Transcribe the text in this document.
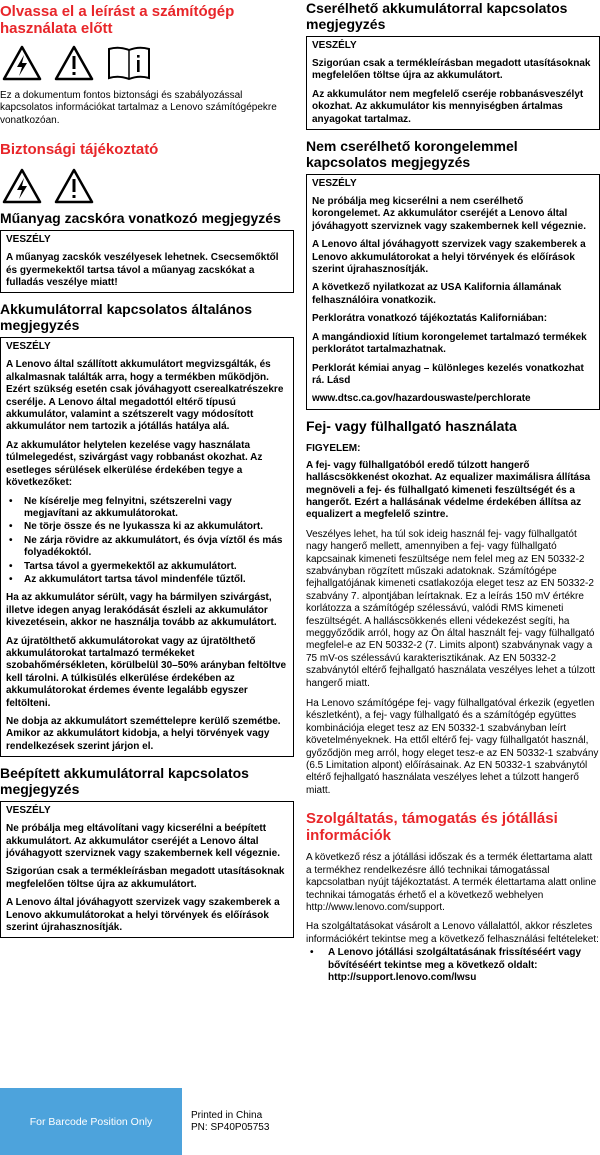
Olvassa el a leírást a számítógép használata előtt

Ez a dokumentum fontos biztonsági és szabályozással kapcsolatos információkat tartalmaz a Lenovo számítógépekre vonatkozóan.

Biztonsági tájékoztató
Műanyag zacskóra vonatkozó megjegyzés
VESZÉLY

A műanyag zacskók veszélyesek lehetnek. Csecsemőktől és gyermekektől tartsa távol a műanyag zacskókat a fulladás veszélye miatt!

Akkumulátorral kapcsolatos általános megjegyzés
VESZÉLY

A Lenovo által szállított akkumulátort megvizsgálták, és alkalmasnak találták arra, hogy a termékben működjön. Ezért szükség esetén csak jóváhagyott cserealkatrészekre cserélje. A Lenovo által megadottól eltérő típusú akkumulátor, valamint a szétszerelt vagy módosított akkumulátor nem tartozik a jótállás hatálya alá.

Az akkumulátor helytelen kezelése vagy használata túlmelegedést, szivárgást vagy robbanást okozhat. Az esetleges sérülések elkerülése érdekében tegye a következőket:

• Ne kísérelje meg felnyitni, szétszerelni vagy megjavítani az akkumulátorokat.
• Ne törje össze és ne lyukassza ki az akkumulátort.
• Ne zárja rövidre az akkumulátort, és óvja víztől és más folyadékoktól.
• Tartsa távol a gyermekektől az akkumulátort.
• Az akkumulátort tartsa távol mindenféle tűztől.

Ha az akkumulátor sérült, vagy ha bármilyen szivárgást, illetve idegen anyag lerakódását észleli az akkumulátor kivezetésein, akkor ne használja tovább az akkumulátort.

Az újratölthető akkumulátorokat vagy az újratölthető akkumulátorokat tartalmazó termékeket szobahőmérsékleten, körülbelül 30–50% arányban feltöltve kell tárolni. A túlkisülés elkerülése érdekében az akkumulátorokat érdemes évente legalább egyszer feltölteni.

Ne dobja az akkumulátort szeméttelepre kerülő szemétbe. Amikor az akkumulátort kidobja, a helyi törvények vagy rendelkezések szerint járjon el.

Beépített akkumulátorral kapcsolatos megjegyzés
VESZÉLY

Ne próbálja meg eltávolítani vagy kicserélni a beépített akkumulátort. Az akkumulátor cseréjét a Lenovo által jóváhagyott szerviznek vagy szakembernek kell végeznie.

Szigorúan csak a termékleírásban megadott utasításoknak megfelelően töltse újra az akkumulátort.

A Lenovo által jóváhagyott szervizek vagy szakemberek a Lenovo akkumulátorokat a helyi törvények és előírások szerint újrahasznosítják.

For Barcode Position Only	Printed in China
PN: SP40P05753
Cserélhető akkumulátorral kapcsolatos megjegyzés
VESZÉLY

Szigorúan csak a termékleírásban megadott utasításoknak megfelelően töltse újra az akkumulátort.

Az akkumulátor nem megfelelő cseréje robbanásveszélyt okozhat. Az akkumulátor kis mennyiségben ártalmas anyagokat tartalmaz.

Nem cserélhető korongelemmel kapcsolatos megjegyzés
VESZÉLY

Ne próbálja meg kicserélni a nem cserélhető korongelemet. Az akkumulátor cseréjét a Lenovo által jóváhagyott szerviznek vagy szakembernek kell végeznie.

A Lenovo által jóváhagyott szervizek vagy szakemberek a Lenovo akkumulátorokat a helyi törvények és előírások szerint újrahasznosítják.

A következő nyilatkozat az USA Kalifornia államának felhasználóira vonatkozik.

Perklorátra vonatkozó tájékoztatás Kaliforniában:

A mangándioxid lítium korongelemet tartalmazó termékek perklorátot tartalmazhatnak.

Perklorát kémiai anyag – különleges kezelés vonatkozhat rá. Lásd

www.dtsc.ca.gov/hazardouswaste/perchlorate

Fej- vagy fülhallgató használata
FIGYELEM:

A fej- vagy fülhallgatóból eredő túlzott hangerő halláscsökkenést okozhat. Az equalizer maximálisra állítása megnöveli a fej- és fülhallgató kimeneti feszültségét és a hangerőt. Ezért a hallásának védelme érdekében állítsa az equalizert a megfelelő szintre.

Veszélyes lehet, ha túl sok ideig használ fej- vagy fülhallgatót nagy hangerő mellett, amennyiben a fej- vagy fülhallgató kapcsainak kimeneti feszültsége nem felel meg az EN 50332-2 szabványban rögzített műszaki adatoknak. Számítógépe fejhallgatójának kimeneti csatlakozója eleget tesz az EN 50332-2 szabvány 7. alpontjában leírtaknak. Ez a leírás 150 mV értékre korlátozza a számítógép szélessávú, valódi RMS kimeneti feszültségét. A halláscsökkenés elleni védekezést segíti, ha meggyőződik arról, hogy az Ön által használt fej- vagy fülhallgató megfelel-e az EN 50332-2 (7. Limits alpont) szabványnak vagy a 75 mV-os szélessávú karakterisztikának. Az EN 50332-2 szabványtól eltérő fejhallgató használata veszélyes lehet a túlzott hangerő miatt.

Ha Lenovo számítógépe fej- vagy fülhallgatóval érkezik (egyetlen készletként), a fej- vagy fülhallgató és a számítógép együttes kombinációja eleget tesz az EN 50332-1 szabványban leírt követelményeknek. Ha ettől eltérő fej- vagy fülhallgatót használ, győződjön meg arról, hogy eleget tesz-e az EN 50332-1 szabvány (6.5 Limitation alpont) előírásainak. Az EN 50332-1 szabványtól eltérő fejhallgató használata veszélyes lehet a túlzott hangerő miatt.

Szolgáltatás, támogatás és jótállási információk

A következő rész a jótállási időszak és a termék élettartama alatt a termékhez rendelkezésre álló technikai támogatással kapcsolatban nyújt tájékoztatást. A termék élettartama alatt online technikai támogatás érhető el a következő webhelyen http://www.lenovo.com/support.

Ha szolgáltatásokat vásárolt a Lenovo vállalattól, akkor részletes információkért tekintse meg a következő felhasználási feltételeket:

• A Lenovo jótállási szolgáltatásának frissítéséért vagy bővítéséért tekintse meg a következő oldalt: http://support.lenovo.com/lwsu
